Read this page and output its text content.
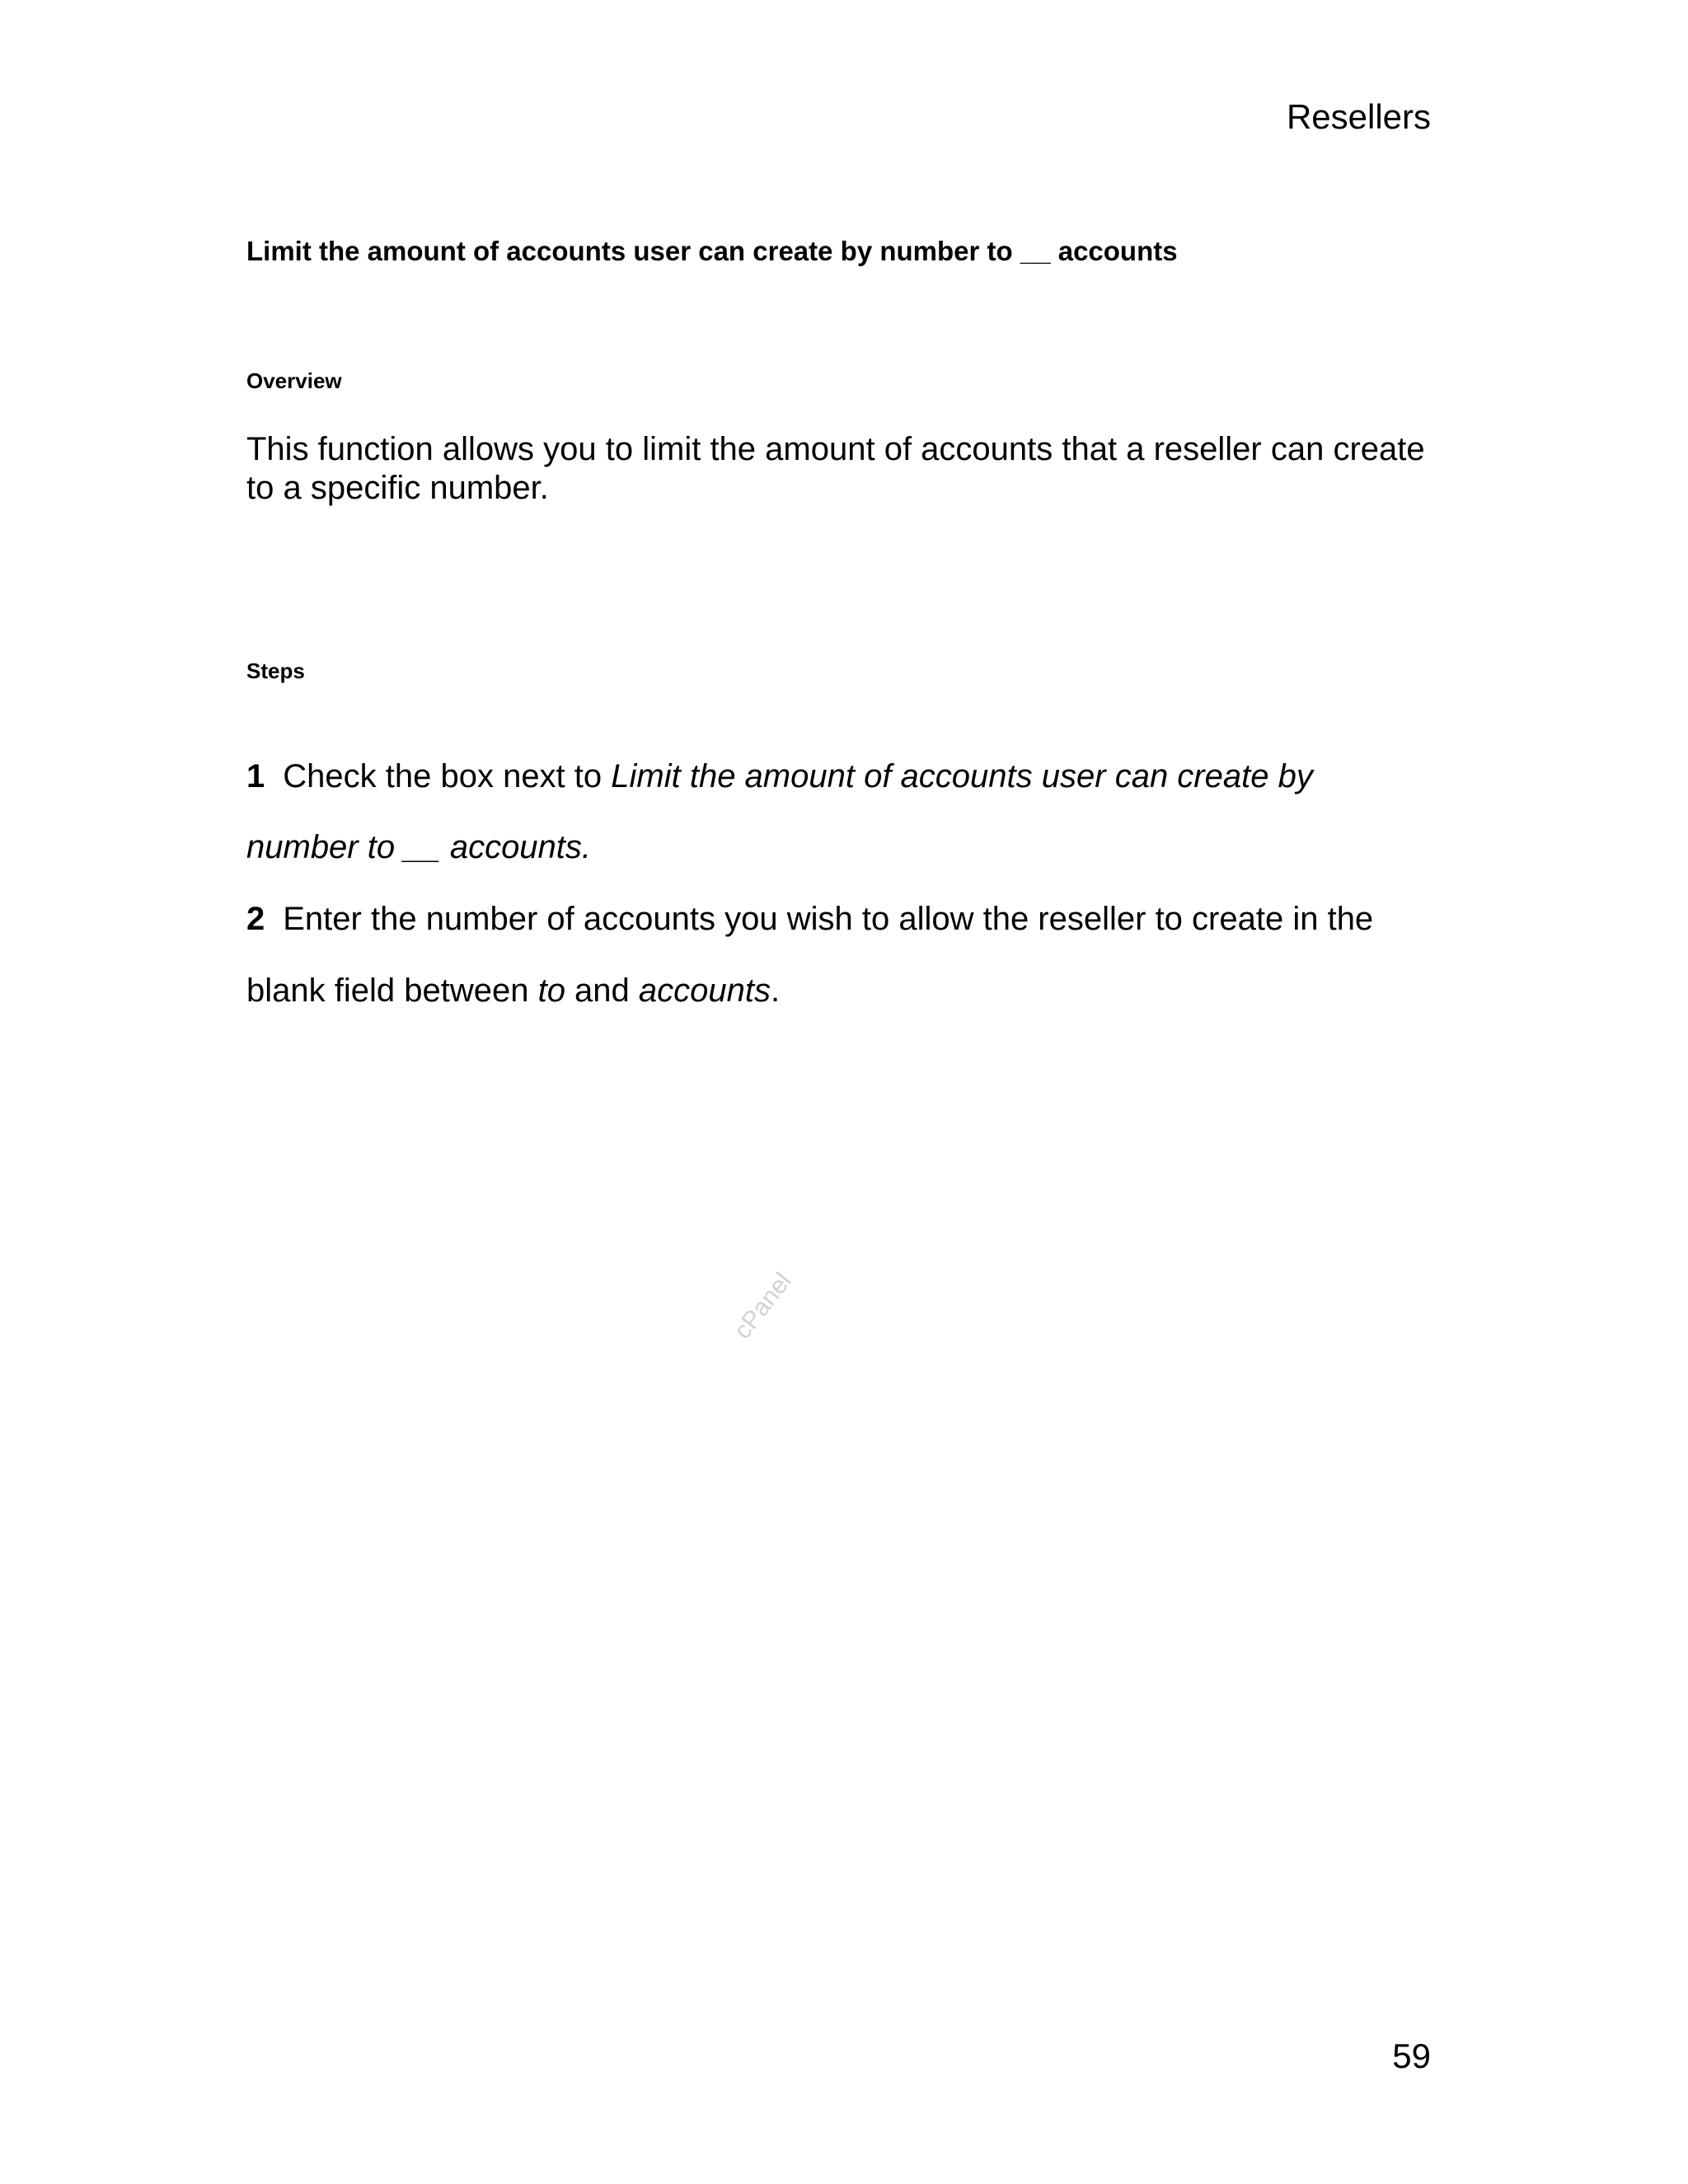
Resellers

Limit the amount of accounts user can create by number to __ accounts
Overview

This function allows you to limit the amount of accounts that a reseller can create to a specific number.

Steps

1 Check the box next to Limit the amount of accounts user can create by

number to __ accounts.

2 Enter the number of accounts you wish to allow the reseller to create in the

blank field between to and accounts.

cPanel

59
